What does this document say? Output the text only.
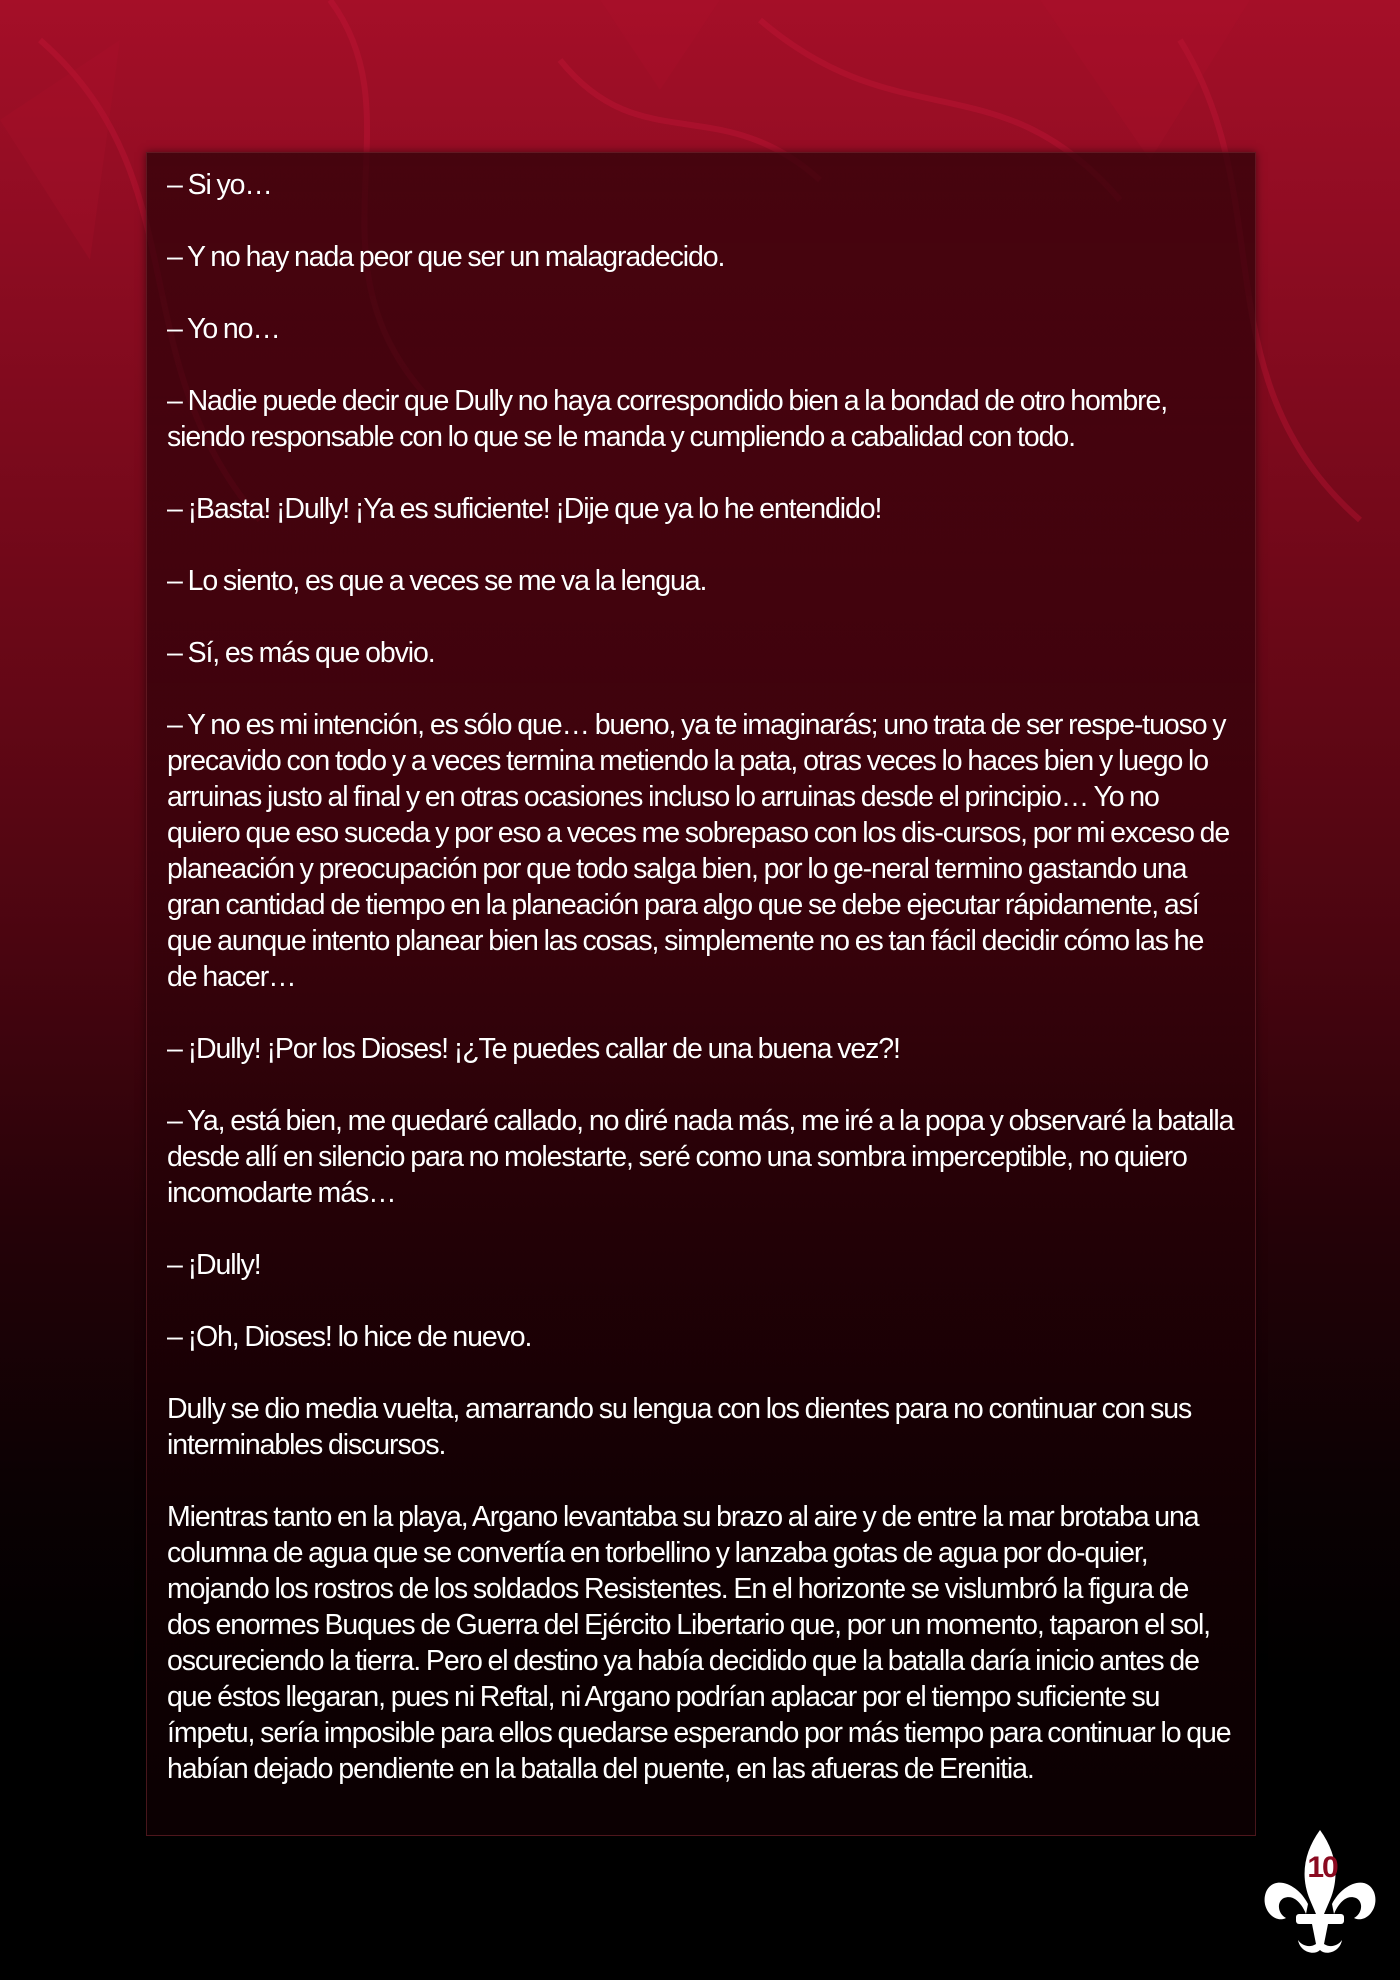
– Si yo…

– Y no hay nada peor que ser un malagradecido.

– Yo no…

– Nadie puede decir que Dully no haya correspondido bien a la bondad de otro hombre, siendo responsable con lo que se le manda y cumpliendo a cabalidad con todo.

– ¡Basta! ¡Dully! ¡Ya es suficiente! ¡Dije que ya lo he entendido!

– Lo siento, es que a veces se me va la lengua.

– Sí, es más que obvio.

– Y no es mi intención, es sólo que… bueno, ya te imaginarás; uno trata de ser respe-tuoso y precavido con todo y a veces termina metiendo la pata, otras veces lo haces bien y luego lo arruinas justo al final y en otras ocasiones incluso lo arruinas desde el principio… Yo no quiero que eso suceda y por eso a veces me sobrepaso con los dis-cursos, por mi exceso de planeación y preocupación por que todo salga bien, por lo ge-neral termino gastando una gran cantidad de tiempo en la planeación para algo que se debe ejecutar rápidamente, así que aunque intento planear bien las cosas, simplemente no es tan fácil decidir cómo las he de hacer…

– ¡Dully! ¡Por los Dioses! ¡¿Te puedes callar de una buena vez?!

– Ya, está bien, me quedaré callado, no diré nada más, me iré a la popa y observaré la batalla desde allí en silencio para no molestarte, seré como una sombra imperceptible, no quiero incomodarte más…

– ¡Dully!

– ¡Oh, Dioses! lo hice de nuevo.

Dully se dio media vuelta, amarrando su lengua con los dientes para no continuar con sus interminables discursos.

Mientras tanto en la playa, Argano levantaba su brazo al aire y de entre la mar brotaba una columna de agua que se convertía en torbellino y lanzaba gotas de agua por do-quier, mojando los rostros de los soldados Resistentes. En el horizonte se vislumbró la figura de dos enormes Buques de Guerra del Ejército Libertario que, por un momento, taparon el sol, oscureciendo la tierra. Pero el destino ya había decidido que la batalla daría inicio antes de que éstos llegaran, pues ni Reftal, ni Argano podrían aplacar por el tiempo suficiente su ímpetu, sería imposible para ellos quedarse esperando por más tiempo para continuar lo que habían dejado pendiente en la batalla del puente, en las afueras de Erenitia.

10
